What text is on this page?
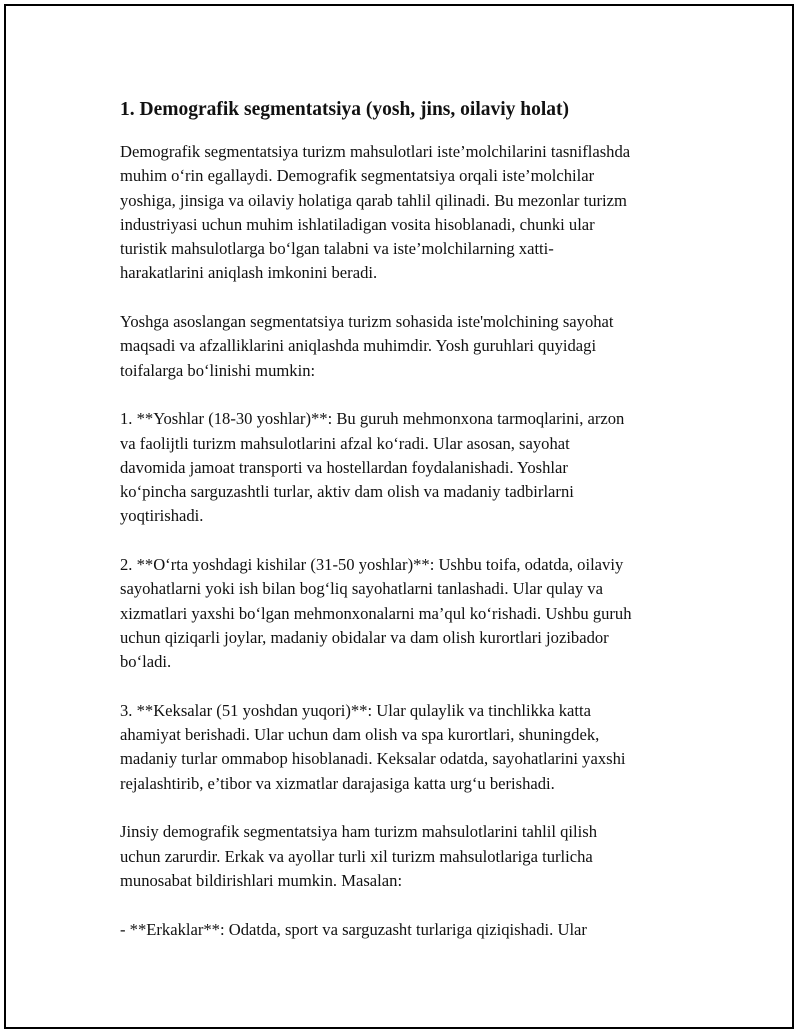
1. Demografik segmentatsiya (yosh, jins, oilaviy holat)

Demografik segmentatsiya turizm mahsulotlari iste’molchilarini tasniflashda
muhim o‘rin egallaydi. Demografik segmentatsiya orqali iste’molchilar
yoshiga, jinsiga va oilaviy holatiga qarab tahlil qilinadi. Bu mezonlar turizm
industriyasi uchun muhim ishlatiladigan vosita hisoblanadi, chunki ular
turistik mahsulotlarga bo‘lgan talabni va iste’molchilarning xatti-
harakatlarini aniqlash imkonini beradi.

Yoshga asoslangan segmentatsiya turizm sohasida iste'molchining sayohat
maqsadi va afzalliklarini aniqlashda muhimdir. Yosh guruhlari quyidagi
toifalarga bo‘linishi mumkin:

1. **Yoshlar (18-30 yoshlar)**: Bu guruh mehmonxona tarmoqlarini, arzon
va faolijtli turizm mahsulotlarini afzal ko‘radi. Ular asosan, sayohat
davomida jamoat transporti va hostellardan foydalanishadi. Yoshlar
ko‘pincha sarguzashtli turlar, aktiv dam olish va madaniy tadbirlarni
yoqtirishadi.

2. **O‘rta yoshdagi kishilar (31-50 yoshlar)**: Ushbu toifa, odatda, oilaviy
sayohatlarni yoki ish bilan bog‘liq sayohatlarni tanlashadi. Ular qulay va
xizmatlari yaxshi bo‘lgan mehmonxonalarni ma’qul ko‘rishadi. Ushbu guruh
uchun qiziqarli joylar, madaniy obidalar va dam olish kurortlari jozibador
bo‘ladi.

3. **Keksalar (51 yoshdan yuqori)**: Ular qulaylik va tinchlikka katta
ahamiyat berishadi. Ular uchun dam olish va spa kurortlari, shuningdek,
madaniy turlar ommabop hisoblanadi. Keksalar odatda, sayohatlarini yaxshi
rejalashtirib, e’tibor va xizmatlar darajasiga katta urg‘u berishadi.

Jinsiy demografik segmentatsiya ham turizm mahsulotlarini tahlil qilish
uchun zarurdir. Erkak va ayollar turli xil turizm mahsulotlariga turlicha
munosabat bildirishlari mumkin. Masalan:

- **Erkaklar**: Odatda, sport va sarguzasht turlariga qiziqishadi. Ular
